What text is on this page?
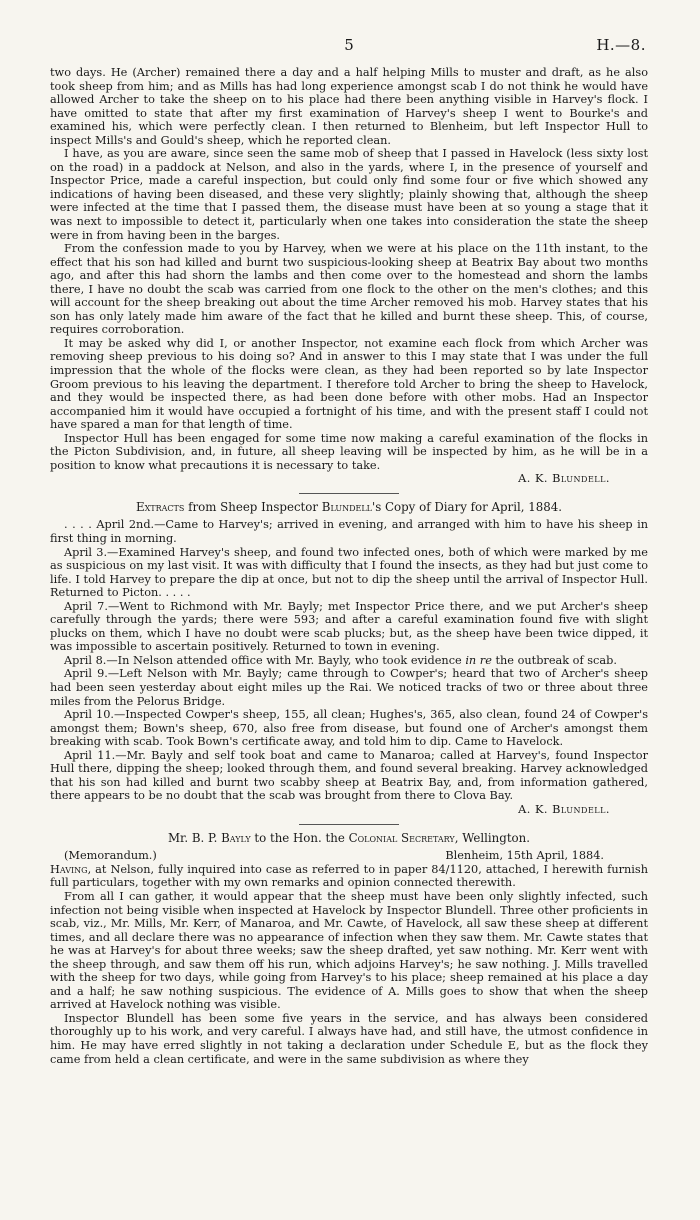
5	H.—8.

two days. He (Archer) remained there a day and a half helping Mills to muster and draft, as he also took sheep from him; and as Mills has had long experience amongst scab I do not think he would have allowed Archer to take the sheep on to his place had there been anything visible in Harvey's flock. I have omitted to state that after my first examination of Harvey's sheep I went to Bourke's and examined his, which were perfectly clean. I then returned to Blenheim, but left Inspector Hull to inspect Mills's and Gould's sheep, which he reported clean.

I have, as you are aware, since seen the same mob of sheep that I passed in Havelock (less sixty lost on the road) in a paddock at Nelson, and also in the yards, where I, in the presence of yourself and Inspector Price, made a careful inspection, but could only find some four or five which showed any indications of having been diseased, and these very slightly; plainly showing that, although the sheep were infected at the time that I passed them, the disease must have been at so young a stage that it was next to impossible to detect it, particularly when one takes into consideration the state the sheep were in from having been in the barges.

From the confession made to you by Harvey, when we were at his place on the 11th instant, to the effect that his son had killed and burnt two suspicious-looking sheep at Beatrix Bay about two months ago, and after this had shorn the lambs and then come over to the homestead and shorn the lambs there, I have no doubt the scab was carried from one flock to the other on the men's clothes; and this will account for the sheep breaking out about the time Archer removed his mob. Harvey states that his son has only lately made him aware of the fact that he killed and burnt these sheep. This, of course, requires corroboration.

It may be asked why did I, or another Inspector, not examine each flock from which Archer was removing sheep previous to his doing so? And in answer to this I may state that I was under the full impression that the whole of the flocks were clean, as they had been reported so by late Inspector Groom previous to his leaving the department. I therefore told Archer to bring the sheep to Havelock, and they would be inspected there, as had been done before with other mobs. Had an Inspector accompanied him it would have occupied a fortnight of his time, and with the present staff I could not have spared a man for that length of time.

Inspector Hull has been engaged for some time now making a careful examination of the flocks in the Picton Subdivision, and, in future, all sheep leaving will be inspected by him, as he will be in a position to know what precautions it is necessary to take.

A. K. Blundell.
Extracts from Sheep Inspector Blundell's Copy of Diary for April, 1884.

. . . . April 2nd.—Came to Harvey's; arrived in evening, and arranged with him to have his sheep in first thing in morning.

April 3.—Examined Harvey's sheep, and found two infected ones, both of which were marked by me as suspicious on my last visit. It was with difficulty that I found the insects, as they had but just come to life. I told Harvey to prepare the dip at once, but not to dip the sheep until the arrival of Inspector Hull. Returned to Picton. . . . .

April 7.—Went to Richmond with Mr. Bayly; met Inspector Price there, and we put Archer's sheep carefully through the yards; there were 593; and after a careful examination found five with slight plucks on them, which I have no doubt were scab plucks; but, as the sheep have been twice dipped, it was impossible to ascertain positively. Returned to town in evening.

April 8.—In Nelson attended office with Mr. Bayly, who took evidence in re the outbreak of scab.

April 9.—Left Nelson with Mr. Bayly; came through to Cowper's; heard that two of Archer's sheep had been seen yesterday about eight miles up the Rai. We noticed tracks of two or three about three miles from the Pelorus Bridge.

April 10.—Inspected Cowper's sheep, 155, all clean; Hughes's, 365, also clean, found 24 of Cowper's amongst them; Bown's sheep, 670, also free from disease, but found one of Archer's amongst them breaking with scab. Took Bown's certificate away, and told him to dip. Came to Havelock.

April 11.—Mr. Bayly and self took boat and came to Manaroa; called at Harvey's, found Inspector Hull there, dipping the sheep; looked through them, and found several breaking. Harvey acknowledged that his son had killed and burnt two scabby sheep at Beatrix Bay, and, from information gathered, there appears to be no doubt that the scab was brought from there to Clova Bay.

A. K. Blundell.
Mr. B. P. Bayly to the Hon. the Colonial Secretary, Wellington.
(Memorandum.)	Blenheim, 15th April, 1884.

Having, at Nelson, fully inquired into case as referred to in paper 84/1120, attached, I herewith furnish full particulars, together with my own remarks and opinion connected therewith.

From all I can gather, it would appear that the sheep must have been only slightly infected, such infection not being visible when inspected at Havelock by Inspector Blundell. Three other proficients in scab, viz., Mr. Mills, Mr. Kerr, of Manaroa, and Mr. Cawte, of Havelock, all saw these sheep at different times, and all declare there was no appearance of infection when they saw them. Mr. Cawte states that he was at Harvey's for about three weeks; saw the sheep drafted, yet saw nothing. Mr. Kerr went with the sheep through, and saw them off his run, which adjoins Harvey's; he saw nothing. J. Mills travelled with the sheep for two days, while going from Harvey's to his place; sheep remained at his place a day and a half; he saw nothing suspicious. The evidence of A. Mills goes to show that when the sheep arrived at Havelock nothing was visible.

Inspector Blundell has been some five years in the service, and has always been considered thoroughly up to his work, and very careful. I always have had, and still have, the utmost confidence in him. He may have erred slightly in not taking a declaration under Schedule E, but as the flock they came from held a clean certificate, and were in the same subdivision as where they
